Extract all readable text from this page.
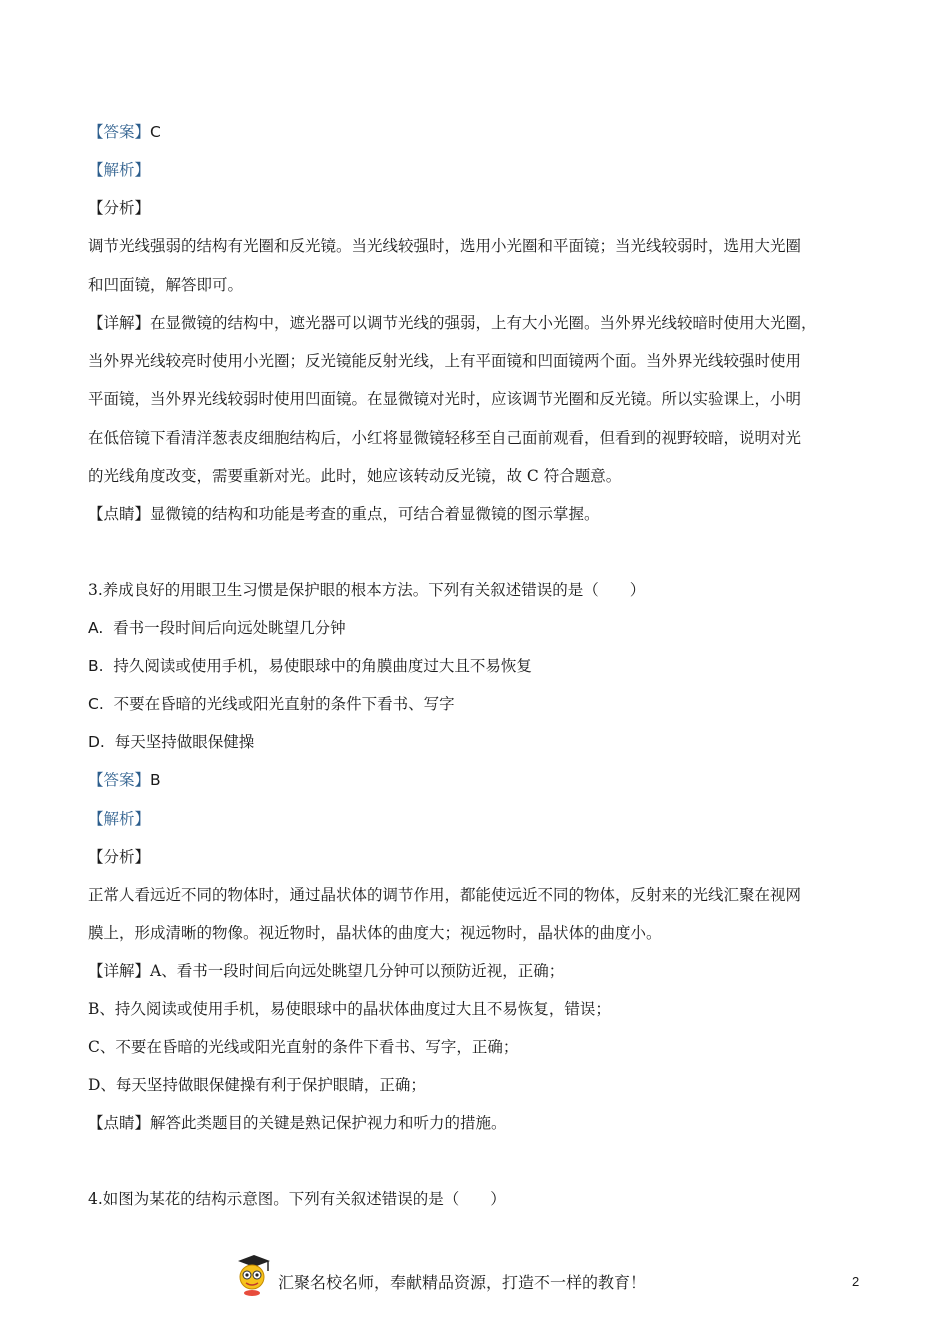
【答案】C
【解析】
【分析】
调节光线强弱的结构有光圈和反光镜。当光线较强时，选用小光圈和平面镜；当光线较弱时，选用大光圈
和凹面镜，解答即可。
【详解】在显微镜的结构中，遮光器可以调节光线的强弱，上有大小光圈。当外界光线较暗时使用大光圈，
当外界光线较亮时使用小光圈；反光镜能反射光线，上有平面镜和凹面镜两个面。当外界光线较强时使用
平面镜，当外界光线较弱时使用凹面镜。在显微镜对光时，应该调节光圈和反光镜。所以实验课上，小明
在低倍镜下看清洋葱表皮细胞结构后，小红将显微镜轻移至自己面前观看，但看到的视野较暗，说明对光
的光线角度改变，需要重新对光。此时，她应该转动反光镜，故 C 符合题意。
【点睛】显微镜的结构和功能是考查的重点，可结合着显微镜的图示掌握。
3.养成良好的用眼卫生习惯是保护眼的根本方法。下列有关叙述错误的是（　　）
A. 看书一段时间后向远处眺望几分钟
B. 持久阅读或使用手机，易使眼球中的角膜曲度过大且不易恢复
C. 不要在昏暗的光线或阳光直射的条件下看书、写字
D. 每天坚持做眼保健操
【答案】B
【解析】
【分析】
正常人看远近不同的物体时，通过晶状体的调节作用，都能使远近不同的物体，反射来的光线汇聚在视网
膜上，形成清晰的物像。视近物时，晶状体的曲度大；视远物时，晶状体的曲度小。
【详解】A、看书一段时间后向远处眺望几分钟可以预防近视，正确；
B、持久阅读或使用手机，易使眼球中的晶状体曲度过大且不易恢复，错误；
C、不要在昏暗的光线或阳光直射的条件下看书、写字，正确；
D、每天坚持做眼保健操有利于保护眼睛，正确；
【点睛】解答此类题目的关键是熟记保护视力和听力的措施。
4.如图为某花的结构示意图。下列有关叙述错误的是（　　）
汇聚名校名师，奉献精品资源，打造不一样的教育！	2
